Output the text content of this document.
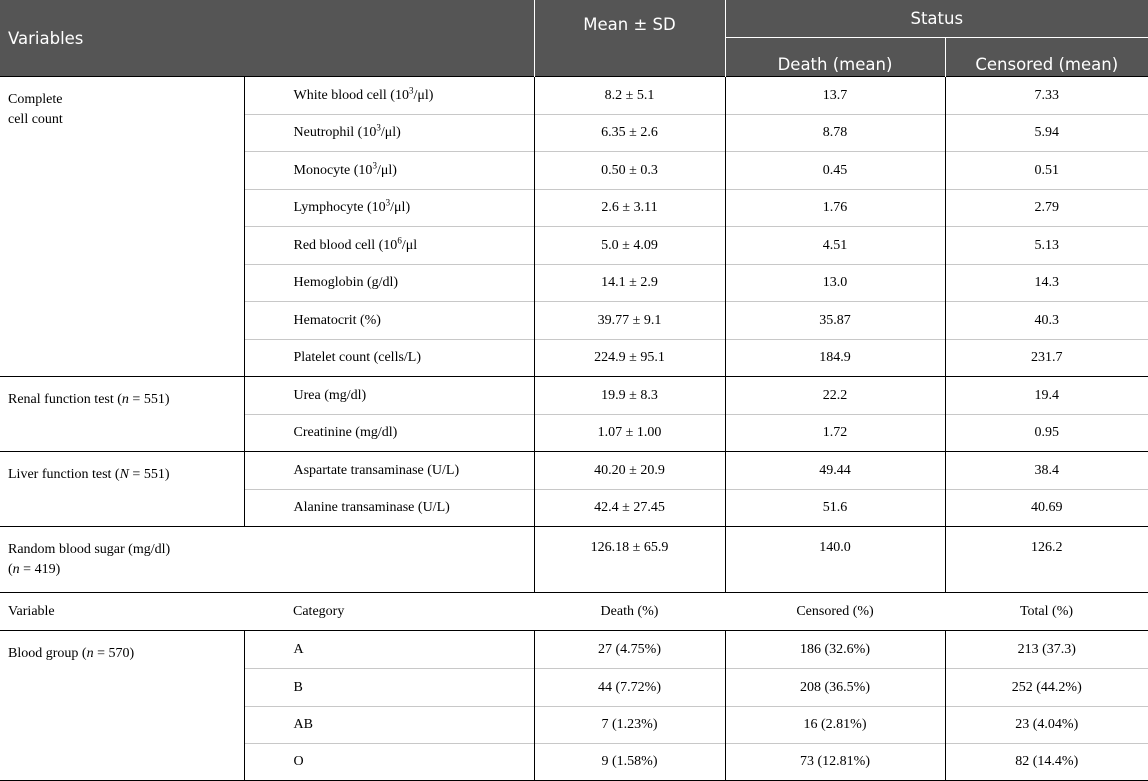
Variables		Mean ± SD	Status	
			Death (mean)	Censored (mean)
Complete
cell count	White blood cell $(10^3/\mu l)$	8.2 ± 5.1	13.7	7.33
	Neutrophil $(10^3/\mu l)$	6.35 ± 2.6	8.78	5.94
	Monocyte $(10^3/\mu l)$	0.50 ± 0.3	0.45	0.51
	Lymphocyte $(10^3/\mu l)$	2.6 ± 3.11	1.76	2.79
	Red blood cell ($10^6/\mu l$	5.0 ± 4.09	4.51	5.13
	Hemoglobin (g/dl)	14.1 ± 2.9	13.0	14.3
	Hematocrit (%)	39.77 ± 9.1	35.87	40.3
	Platelet count (cells/L)	224.9 ± 95.1	184.9	231.7
Renal function test (n = 551)	Urea (mg/dl)	19.9 ± 8.3	22.2	19.4
	Creatinine (mg/dl)	1.07 ± 1.00	1.72	0.95
Liver function test (N = 551)	Aspartate transaminase (U/L)	40.20 ± 20.9	49.44	38.4
	Alanine transaminase (U/L)	42.4 ± 27.45	51.6	40.69
Random blood sugar (mg/dl)
(n = 419)		126.18 ± 65.9	140.0	126.2
Variable	Category	Death (%)	Censored (%)	Total (%)
Blood group (n = 570)	A	27 (4.75%)	186 (32.6%)	213 (37.3)
	B	44 (7.72%)	208 (36.5%)	252 (44.2%)
	AB	7 (1.23%)	16 (2.81%)	23 (4.04%)
	O	9 (1.58%)	73 (12.81%)	82 (14.4%)
